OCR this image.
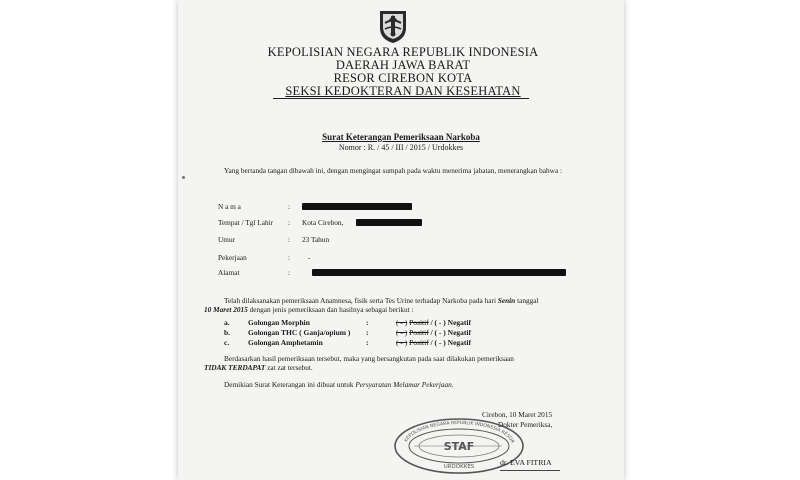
KEPOLISIAN NEGARA REPUBLIK INDONESIA
DAERAH JAWA BARAT
RESOR CIREBON KOTA
SEKSI KEDOKTERAN DAN KESEHATAN
Surat Keterangan Pemeriksaan Narkoba
Nomor : R. / 45 / III / 2015 / Urdokkes
Yang bertanda tangan dibawah ini, dengan mengingat sumpah pada waktu menerima jabatan, menerangkan bahwa :
N a m a	:
Tempat / Tgl Lahir : Kota Cirebon,
Umur	: 23 Tahun
Pekerjaan	: -
Alamat	:
Telah dilaksanakan pemeriksaan Anamnesa, fisik serta Tes Urine terhadap Narkoba pada hari Senin tanggal
10 Maret 2015 dengan jenis pemeriksaan dan hasilnya sebagai berikut :
a. Golongan Morphin	:	( - ) Positif / ( - ) Negatif
b. Golongan THC ( Ganja/opium ) :	( - ) Positif / ( - ) Negatif
c.	Golongan Amphetamin	:	( - ) Positif / ( - ) Negatif
Berdasarkan hasil pemeriksaan tersebut, maka yang bersangkutan pada saat dilakukan pemeriksaan
TIDAK TERDAPAT zat zat tersebut.
Demikian Surat Keterangan ini dibuat untuk Persyaratan Melamar Pekerjaan.
Cirebon, 10 Maret 2015
Dokter Pemeriksa,
KEPOLISIAN NEGARA REPUBLIK INDONESIA RESOR
STAF
URDOKKES	dr. EVA FITRIA
